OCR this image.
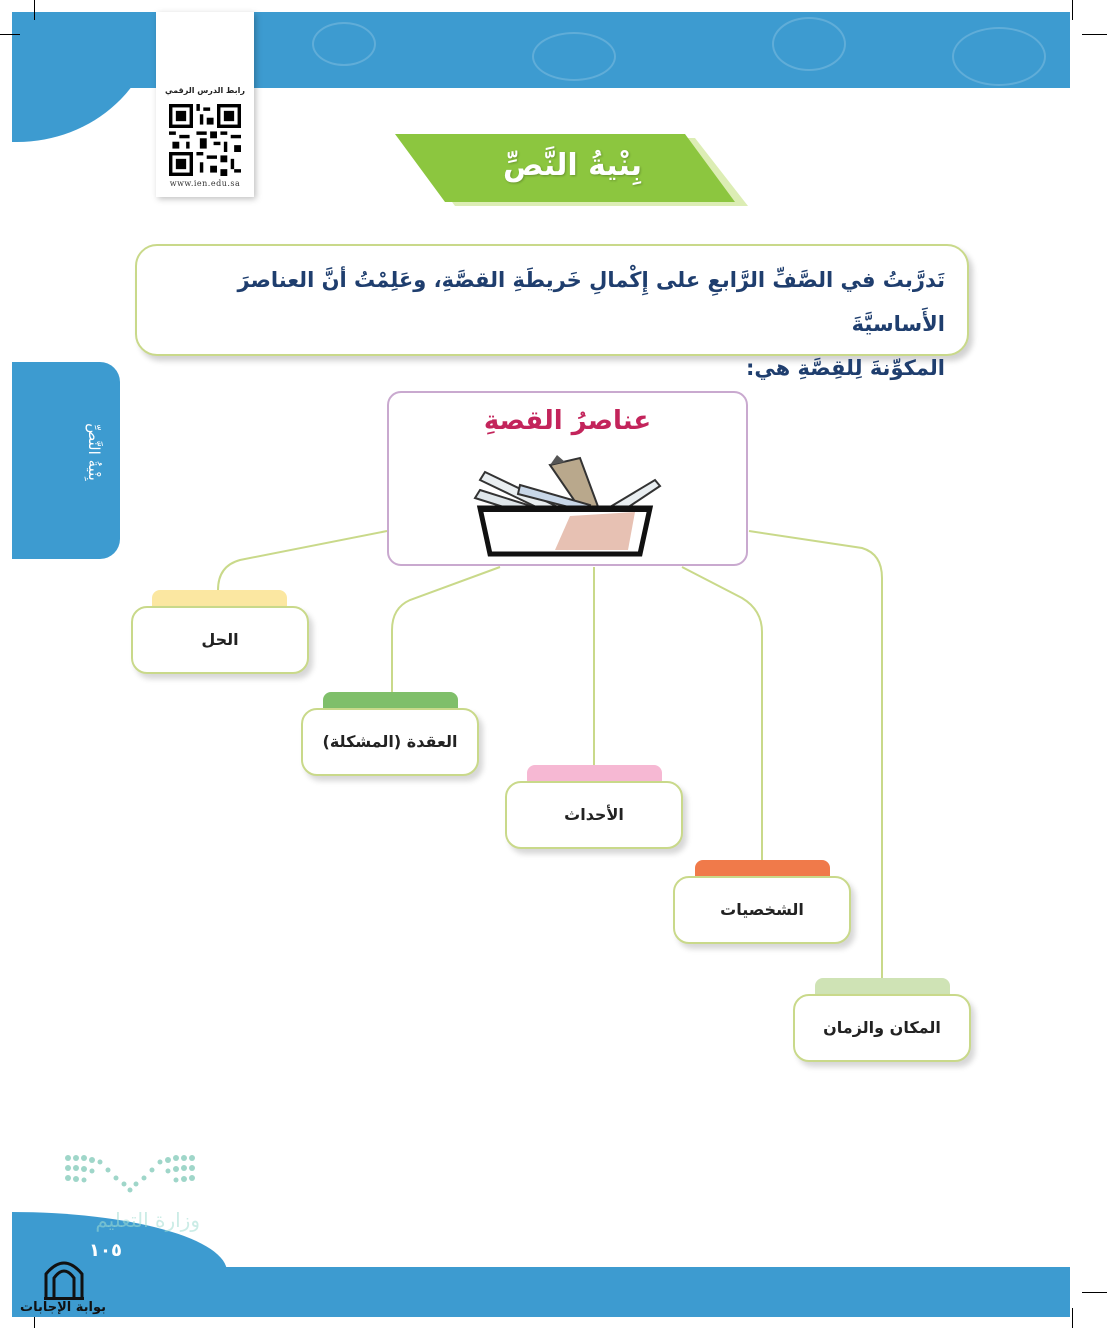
رابط الدرس الرقمي
www.ien.edu.sa
بِنْيةُ النَّصِّ
تَدرَّبتُ في الصَّفِّ الرَّابعِ على إِكْمالِ خَريطَةِ القصَّةِ، وعَلِمْتُ أنَّ العناصرَ الأَساسيَّةَ
المكوِّنةَ لِلقِصَّةِ هي:
بِنْيةُ النَّصِّ
عناصرُ القصةِ
الحل
العقدة (المشكلة)
الأحداث
الشخصيات
المكان والزمان
وزارة التعليم
١٠٥
بوابة الإجابات
